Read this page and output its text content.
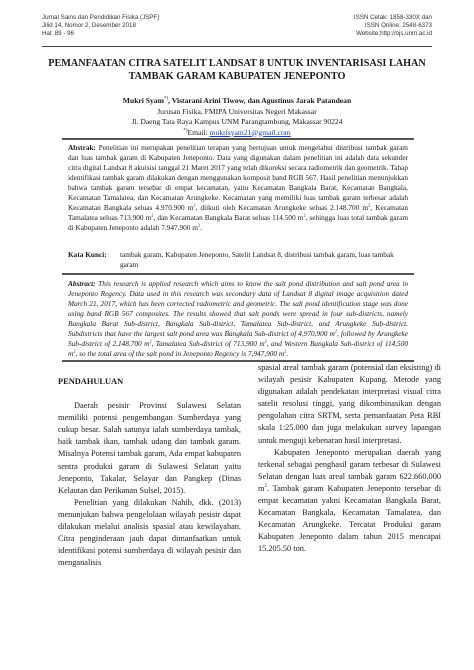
Jurnal Sains dan Pendidikan Fisika (JSPF)
Jilid 14, Nomor 2, Desember 2018
Hal: 89 - 96
ISSN Cetak: 1858-330X dan
ISSN Online: 2548-6373
Website:http://ojs.unm.ac.id
PEMANFAATAN CITRA SATELIT LANDSAT 8 UNTUK INVENTARISASI LAHAN
TAMBAK GARAM KABUPATEN JENEPONTO
Mukri Syam*), Vistarani Arini Tiwow, dan Agustinus Jarak Patandean
Jurusan Fisika, FMIPA Universitas Negeri Makassar
Jl. Daeng Tata Raya Kampus UNM Parangtambung, Makassar 90224
*)Email: mukrisyam21@gmail.com
Abstrak: Penelitian ini merupakan penelitian terapan yang bertujuan untuk mengetahui distribusi tambak garam dan luas tambak garam di Kabupaten Jeneponto. Data yang digunakan dalam penelitian ini adalah data sekunder citra digital Landsat 8 akuisisi tanggal 21 Maret 2017 yang telah dikoreksi secara radiometrik dan geometrik. Tahap identifikasi tambak garam dilakukan dengan menggunakan komposit band RGB 567. Hasil penelitian menunjukkan bahwa tambak garam tersebar di empat kecamatan, yaitu Kecamatan Bangkala Barat, Kecamatan Bangkala, Kecamatan Tamalatea, dan Kecamatan Arungkeke. Kecamatan yang memiliki luas tambak garam terbesar adalah Kecamatan Bangkala seluas 4.970.900 $m^2$, diikuti oleh Kecamatan Arungkeke seluas 2.148.700 $m^2$, Kecamatan Tamalatea seluas 713.900 $m^2$, dan Kecamatan Bangkala Barat seluas 114.500 $m^2$, sehingga luas total tambak garam di Kabupaten Jeneponto adalah 7.947.900 $m^2$.
Kata Kunci:	tambak garam, Kabupaten Jeneponto, Satelit Landsat 8, distribusi tambak garam, luas tambak garam
Abstract: This research is applied research which aims to know the salt pond distribution and salt pond area in Jeneponto Regency. Data used in this research was secondary data of Landsat 8 digital image acquisition dated March 21, 2017, which has been corrected radiometric and geometric. The salt pond identification stage was done using band RGB 567 composites. The results showed that salt ponds were spread in four sub-districts, namely Bangkala Barat Sub-district, Bangkala Sub-district, Tamalatea Sub-district, and Arungkeke Sub-district. Subdistricts that have the largest salt pond area was Bangkala Sub-district of 4,970,900 $m^2$, followed by Arungkeke Sub-district of 2,148,700 $m^2$, Tamalatea Sub-district of 713,900 $m^2$, and Western Bangkala Sub-district of 114,500 $m^2$, so the total area of the salt pond in Jeneponto Regency is 7,947,900 $m^2$.
PENDAHULUAN

Daerah pesisir Provinsi Sulawesi Selatan memiliki potensi pengembangan Sumberdaya yang cukup besar. Salah satunya ialah sumberdaya tambak, baik tambak ikan, tambak udang dan tambak garam. Misalnya Potensi tambak garam, Ada empat kabupaten sentra produksi garam di Sulawesi Selatan yaitu Jeneponto, Takalar, Selayar dan Pangkep (Dinas Kelautan dan Perikanan Sulsel, 2015).

Penelitian yang dilakukan Nahib, dkk. (2013) menunjukan bahwa pengelolaan wilayah pesisir dapat dilakukan melalui analisis spasial atau kewilayahan. Citra penginderaan jauh dapat dimanfaatkan untuk identifikasi potensi sumberdaya di wilayah pesisir dan menganalisis

spasial areal tambak garam (potensial dan eksisting) di wilayah pesisir Kabupaten Kupang. Metode yang digunakan adalah pendekatan interpretasi visual citra satelit resolusi tinggi, yang dikombinasikan dengan pengolahan citra SRTM, serta pemanfaatan Peta RBI skala 1:25.000 dan juga melakukan survey lapangan untuk menguji kebenaran hasil interpretasi.

Kabupaten Jeneponto merupakan daerah yang terkenal sebagai penghasil garam terbesar di Sulawesi Selatan dengan luas areal tambak garam 622.660.000 $m^2$. Tambak garam Kabupaten Jeneponto tersebar di empat kecamatan yakni Kecamatan Bangkala Barat, Kecamatan Bangkala, Kecamatan Tamalatea, dan Kecamatan Arungkeke. Tercatat Produksi garam Kabupaten Jeneponto dalam tahun 2015 mencapai 15.205.50 ton.
